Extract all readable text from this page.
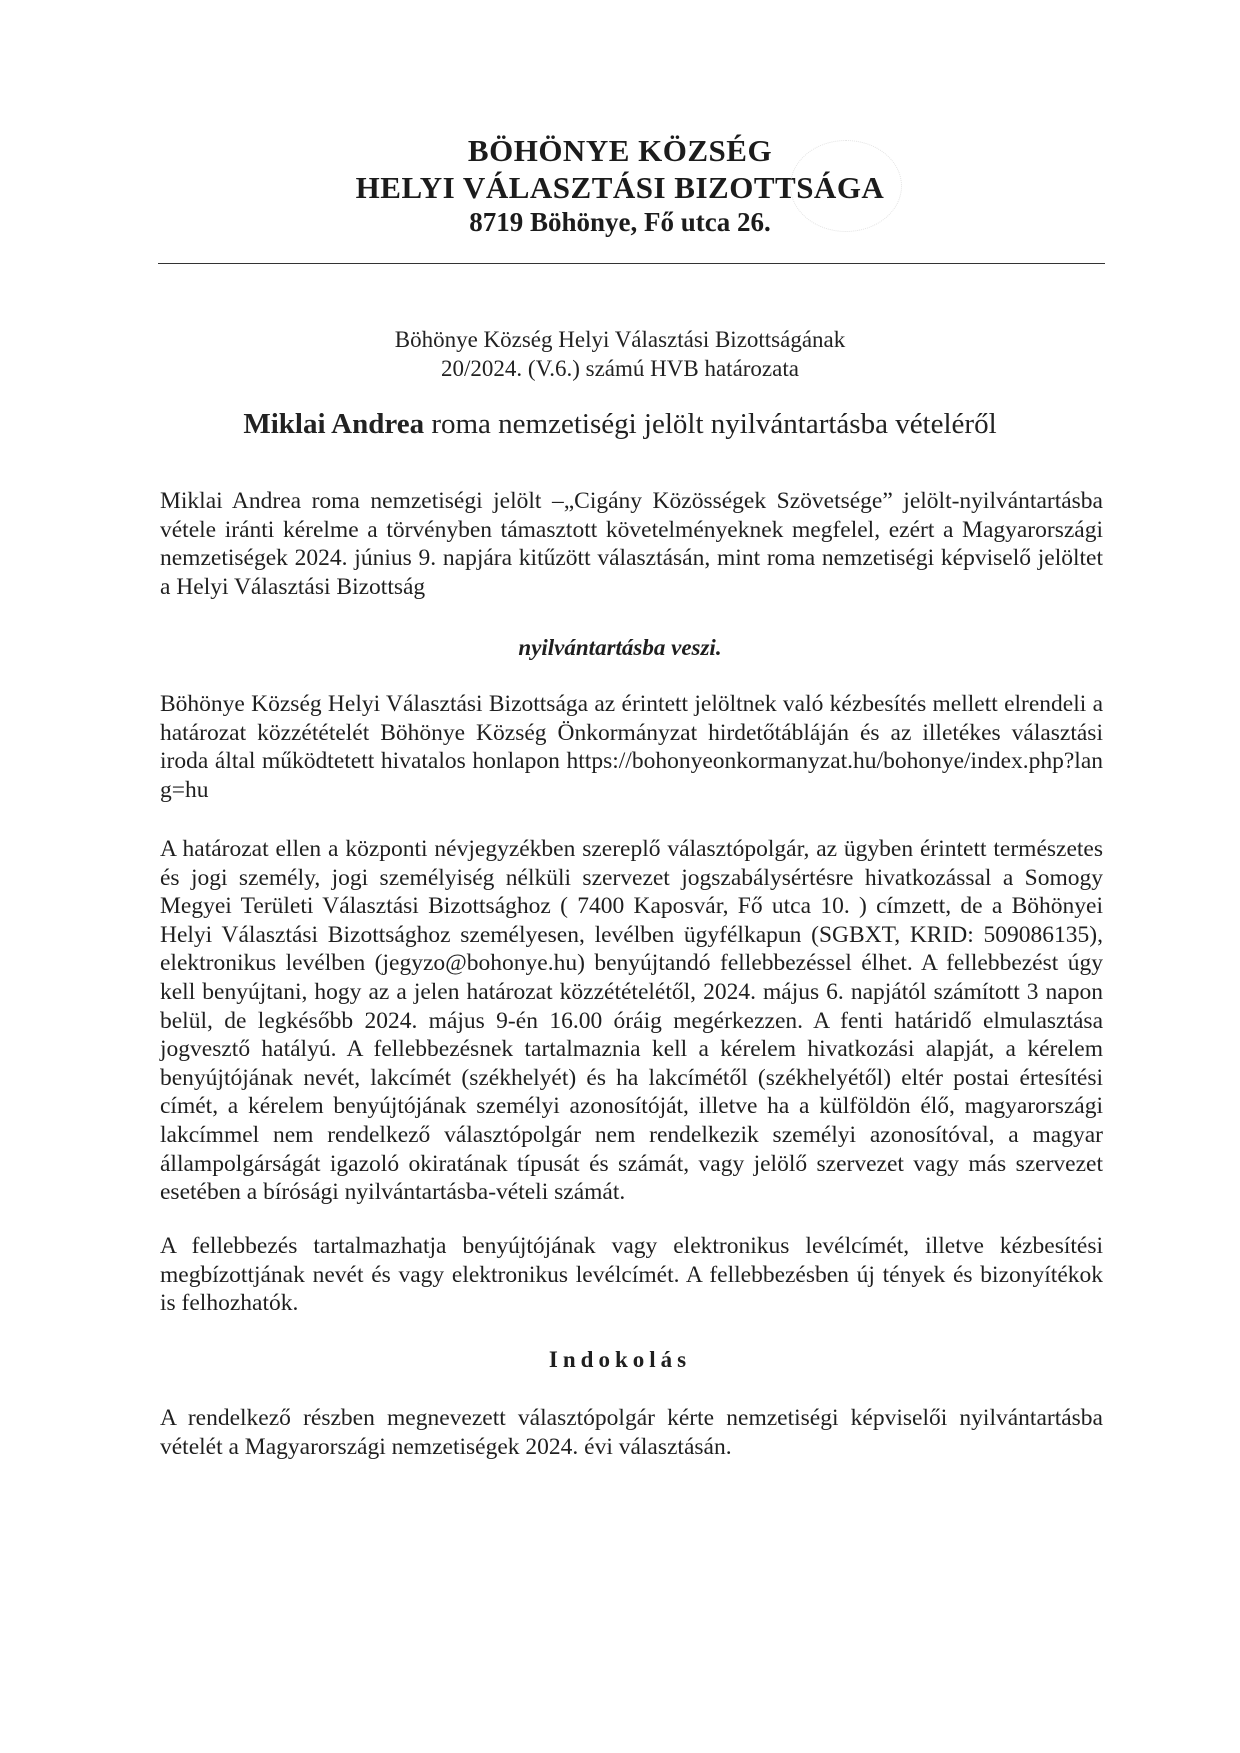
BÖHÖNYE KÖZSÉG
HELYI VÁLASZTÁSI BIZOTTSÁGA
8719 Böhönye, Fő utca 26.
Böhönye Község Helyi Választási Bizottságának
20/2024. (V.6.) számú HVB határozata
Miklai Andrea roma nemzetiségi jelölt nyilvántartásba vételéről

Miklai Andrea roma nemzetiségi jelölt –„Cigány Közösségek Szövetsége” jelölt-nyilvántartásba vétele iránti kérelme a törvényben támasztott követelményeknek megfelel, ezért a Magyarországi nemzetiségek 2024. június 9. napjára kitűzött választásán, mint roma nemzetiségi képviselő jelöltet a Helyi Választási Bizottság

nyilvántartásba veszi.

Böhönye Község Helyi Választási Bizottsága az érintett jelöltnek való kézbesítés mellett elrendeli a határozat közzétételét Böhönye Község Önkormányzat hirdetőtábláján és az illetékes választási iroda által működtetett hivatalos honlapon https://bohonyeonkormanyzat.hu/bohonye/index.php?lang=hu

A határozat ellen a központi névjegyzékben szereplő választópolgár, az ügyben érintett természetes és jogi személy, jogi személyiség nélküli szervezet jogszabálysértésre hivatkozással a Somogy Megyei Területi Választási Bizottsághoz ( 7400 Kaposvár, Fő utca 10. ) címzett, de a Böhönyei Helyi Választási Bizottsághoz személyesen, levélben ügyfélkapun (SGBXT, KRID: 509086135), elektronikus levélben (jegyzo@bohonye.hu) benyújtandó fellebbezéssel élhet. A fellebbezést úgy kell benyújtani, hogy az a jelen határozat közzétételétől, 2024. május 6. napjától számított 3 napon belül, de legkésőbb 2024. május 9-én 16.00 óráig megérkezzen. A fenti határidő elmulasztása jogvesztő hatályú. A fellebbezésnek tartalmaznia kell a kérelem hivatkozási alapját, a kérelem benyújtójának nevét, lakcímét (székhelyét) és ha lakcímétől (székhelyétől) eltér postai értesítési címét, a kérelem benyújtójának személyi azonosítóját, illetve ha a külföldön élő, magyarországi lakcímmel nem rendelkező választópolgár nem rendelkezik személyi azonosítóval, a magyar állampolgárságát igazoló okiratának típusát és számát, vagy jelölő szervezet vagy más szervezet esetében a bírósági nyilvántartásba-vételi számát.

A fellebbezés tartalmazhatja benyújtójának vagy elektronikus levélcímét, illetve kézbesítési megbízottjának nevét és vagy elektronikus levélcímét. A fellebbezésben új tények és bizonyítékok is felhozhatók.

Indokolás

A rendelkező részben megnevezett választópolgár kérte nemzetiségi képviselői nyilvántartásba vételét a Magyarországi nemzetiségek 2024. évi választásán.
